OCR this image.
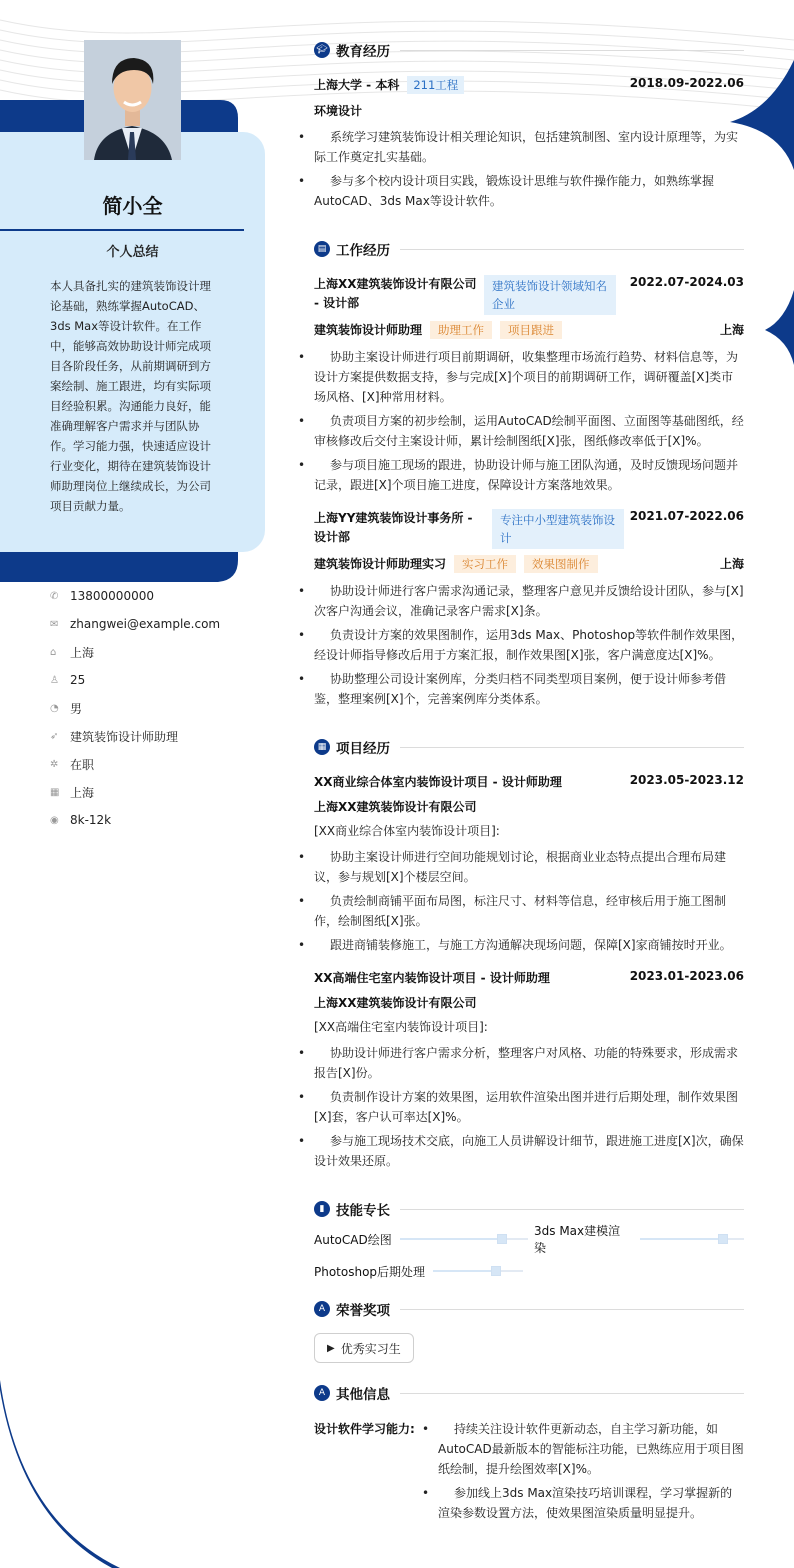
简小全
个人总结
本人具备扎实的建筑装饰设计理论基础，熟练掌握AutoCAD、3ds Max等设计软件。在工作中，能够高效协助设计师完成项目各阶段任务，从前期调研到方案绘制、施工跟进，均有实际项目经验积累。沟通能力良好，能准确理解客户需求并与团队协作。学习能力强，快速适应设计行业变化，期待在建筑装饰设计师助理岗位上继续成长，为公司项目贡献力量。
✆ 13800000000
✉ zhangwei@example.com
⌂	上海
♙ 25
◔ 男
➶ 建筑装饰设计师助理
✲ 在职
▦ 上海
◉ 8k-12k
🎓︎ 教育经历
上海大学 - 本科 211工程	2018.09-2022.06
环境设计
• 系统学习建筑装饰设计相关理论知识，包括建筑制图、室内设计原理等，为实际工作奠定扎实基础。
• 参与多个校内设计项目实践，锻炼设计思维与软件操作能力，如熟练掌握AutoCAD、3ds Max等设计软件。
▤ 工作经历
上海XX建筑装饰设计有限公司 - 设计部
建筑装饰设计领域知名企业
2022.07-2024.03
建筑装饰设计师助理 助理工作 项目跟进	上海
• 协助主案设计师进行项目前期调研，收集整理市场流行趋势、材料信息等，为设计方案提供数据支持，参与完成[X]个项目的前期调研工作，调研覆盖[X]类市场风格、[X]种常用材料。
• 负责项目方案的初步绘制，运用AutoCAD绘制平面图、立面图等基础图纸，经审核修改后交付主案设计师，累计绘制图纸[X]张，图纸修改率低于[X]%。
• 参与项目施工现场的跟进，协助设计师与施工团队沟通，及时反馈现场问题并记录，跟进[X]个项目施工进度，保障设计方案落地效果。
上海YY建筑装饰设计事务所 - 设计部
专注中小型建筑装饰设计
2021.07-2022.06
建筑装饰设计师助理实习 实习工作 效果图制作	上海
• 协助设计师进行客户需求沟通记录，整理客户意见并反馈给设计团队，参与[X]次客户沟通会议，准确记录客户需求[X]条。
• 负责设计方案的效果图制作，运用3ds Max、Photoshop等软件制作效果图，经设计师指导修改后用于方案汇报，制作效果图[X]张，客户满意度达[X]%。
• 协助整理公司设计案例库，分类归档不同类型项目案例，便于设计师参考借鉴，整理案例[X]个，完善案例库分类体系。
▦ 项目经历
XX商业综合体室内装饰设计项目 - 设计师助理	2023.05-2023.12
上海XX建筑装饰设计有限公司
[XX商业综合体室内装饰设计项目]:
• 协助主案设计师进行空间功能规划讨论，根据商业业态特点提出合理布局建议，参与规划[X]个楼层空间。
• 负责绘制商铺平面布局图，标注尺寸、材料等信息，经审核后用于施工图制作，绘制图纸[X]张。
• 跟进商铺装修施工，与施工方沟通解决现场问题，保障[X]家商铺按时开业。
XX高端住宅室内装饰设计项目 - 设计师助理	2023.01-2023.06
上海XX建筑装饰设计有限公司
[XX高端住宅室内装饰设计项目]:
• 协助设计师进行客户需求分析，整理客户对风格、功能的特殊要求，形成需求报告[X]份。
• 负责制作设计方案的效果图，运用软件渲染出图并进行后期处理，制作效果图[X]套，客户认可率达[X]%。
• 参与施工现场技术交底，向施工人员讲解设计细节，跟进施工进度[X]次，确保设计效果还原。
▮ 技能专长
AutoCAD绘图
3ds Max建模渲染
Photoshop后期处理
A 荣誉奖项
▶ 优秀实习生
A 其他信息
设计软件学习能力:
•	持续关注设计软件更新动态，自主学习新功能，如AutoCAD最新版本的智能标注功能，已熟练应用于项目图纸绘制，提升绘图效率[X]%。
• 参加线上3ds Max渲染技巧培训课程，学习掌握新的渲染参数设置方法，使效果图渲染质量明显提升。
